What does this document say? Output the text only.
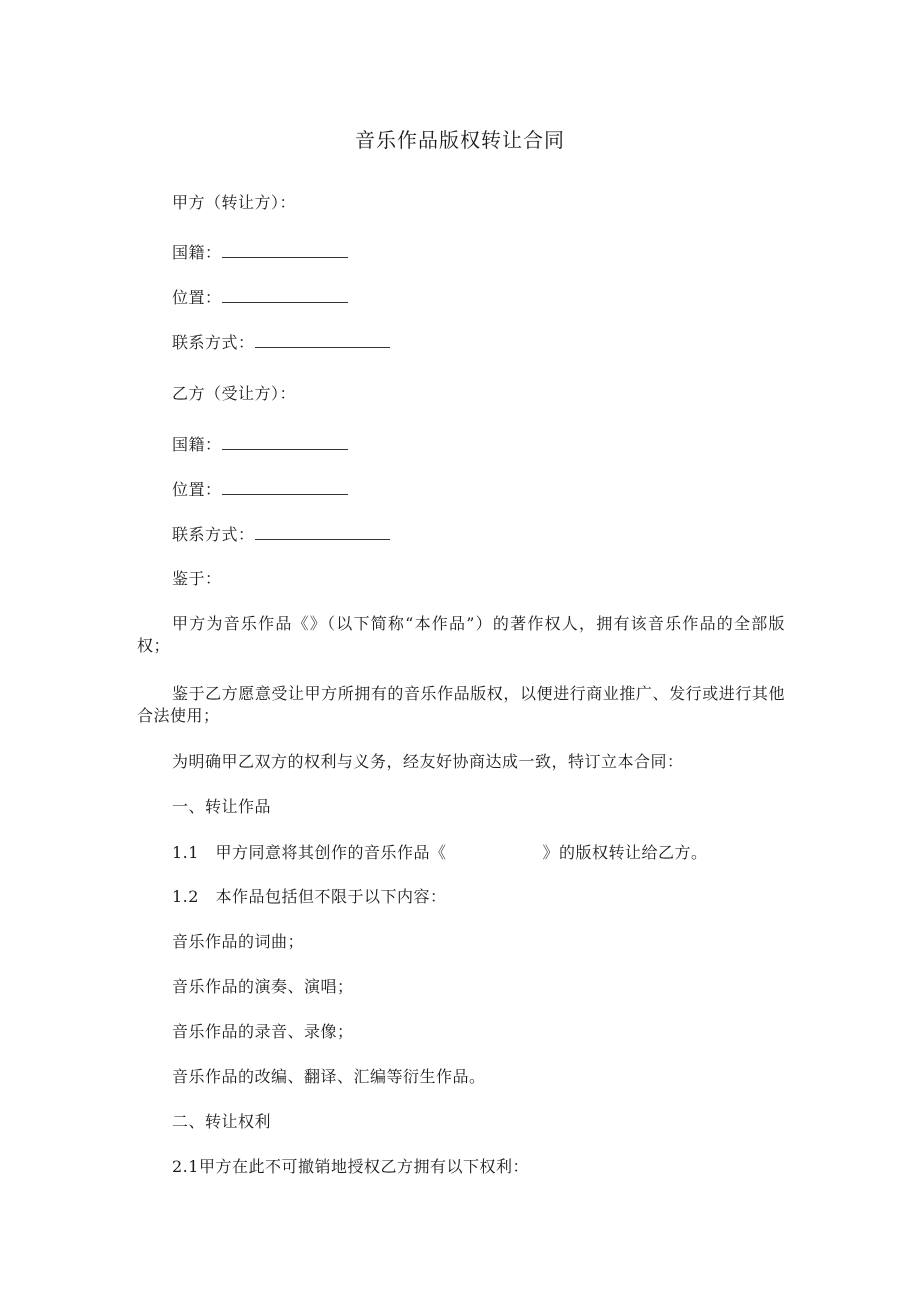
音乐作品版权转让合同
甲方（转让方）：
国籍：
位置：
联系方式：
乙方（受让方）：
国籍：
位置：
联系方式：
鉴于：
甲方为音乐作品《》（以下简称“本作品”）的著作权人，拥有该音乐作品的全部版权；
鉴于乙方愿意受让甲方所拥有的音乐作品版权，以便进行商业推广、发行或进行其他合法使用；
为明确甲乙双方的权利与义务，经友好协商达成一致，特订立本合同：
一、转让作品
1.1　甲方同意将其创作的音乐作品《	》的版权转让给乙方。
1.2　本作品包括但不限于以下内容：
音乐作品的词曲；
音乐作品的演奏、演唱；
音乐作品的录音、录像；
音乐作品的改编、翻译、汇编等衍生作品。
二、转让权利
2.1甲方在此不可撤销地授权乙方拥有以下权利：
